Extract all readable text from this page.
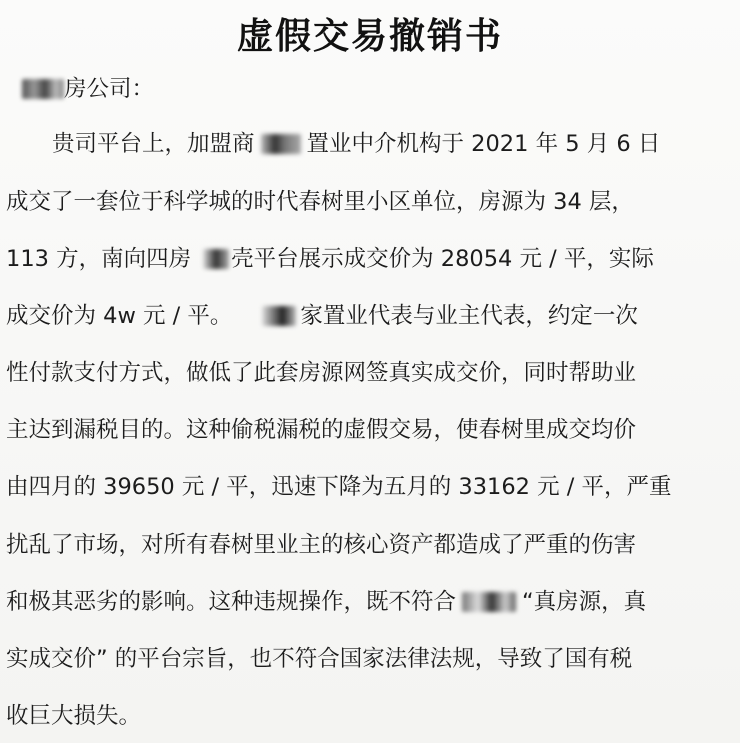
虚假交易撤销书
房公司：
贵司平台上，加盟商 置业中介机构于 2021 年 5 月 6 日
成交了一套位于科学城的时代春树里小区单位，房源为 34 层，
113 方，南向四房 壳平台展示成交价为 28054 元 / 平，实际
成交价为 4w 元 / 平。	家置业代表与业主代表，约定一次
性付款支付方式，做低了此套房源网签真实成交价，同时帮助业
主达到漏税目的。这种偷税漏税的虚假交易，使春树里成交均价
由四月的 39650 元 / 平，迅速下降为五月的 33162 元 / 平，严重
扰乱了市场，对所有春树里业主的核心资产都造成了严重的伤害
和极其恶劣的影响。这种违规操作，既不符合	“真房源，真
实成交价” 的平台宗旨，也不符合国家法律法规，导致了国有税
收巨大损失。
